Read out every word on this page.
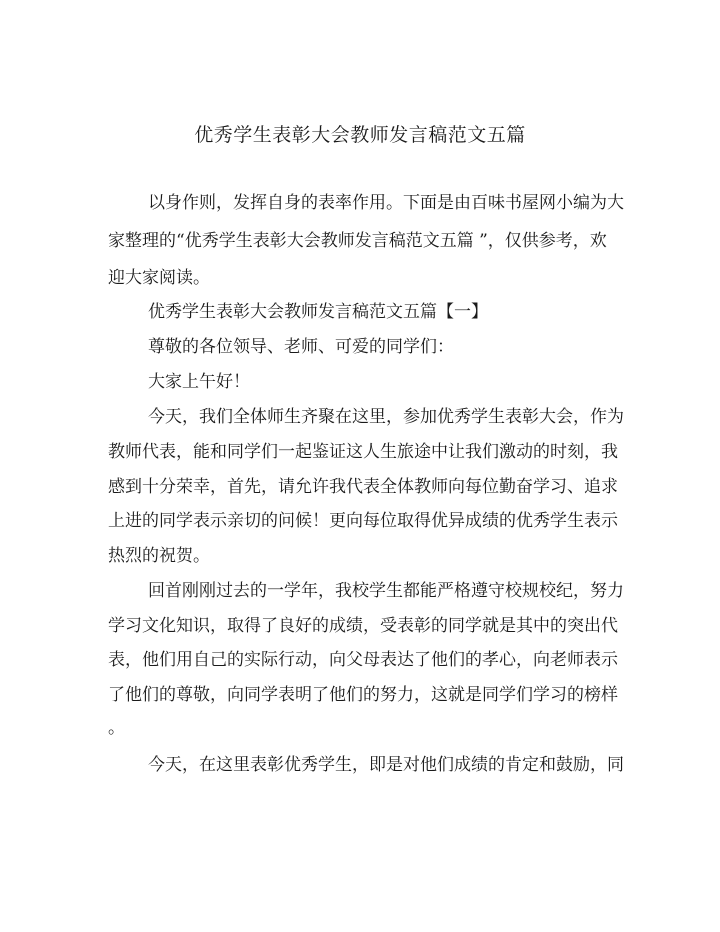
优秀学生表彰大会教师发言稿范文五篇

以身作则，发挥自身的表率作用。下面是由百味书屋网小编为大

家整理的“优秀学生表彰大会教师发言稿范文五篇 ”，仅供参考，欢

迎大家阅读。

优秀学生表彰大会教师发言稿范文五篇【一】

尊敬的各位领导、老师、可爱的同学们：

大家上午好！

今天，我们全体师生齐聚在这里，参加优秀学生表彰大会，作为

教师代表，能和同学们一起鉴证这人生旅途中让我们激动的时刻，我

感到十分荣幸，首先，请允许我代表全体教师向每位勤奋学习、追求

上进的同学表示亲切的问候！更向每位取得优异成绩的优秀学生表示

热烈的祝贺。

回首刚刚过去的一学年，我校学生都能严格遵守校规校纪，努力

学习文化知识，取得了良好的成绩，受表彰的同学就是其中的突出代

表，他们用自己的实际行动，向父母表达了他们的孝心，向老师表示

了他们的尊敬，向同学表明了他们的努力，这就是同学们学习的榜样

。

今天，在这里表彰优秀学生，即是对他们成绩的肯定和鼓励，同
